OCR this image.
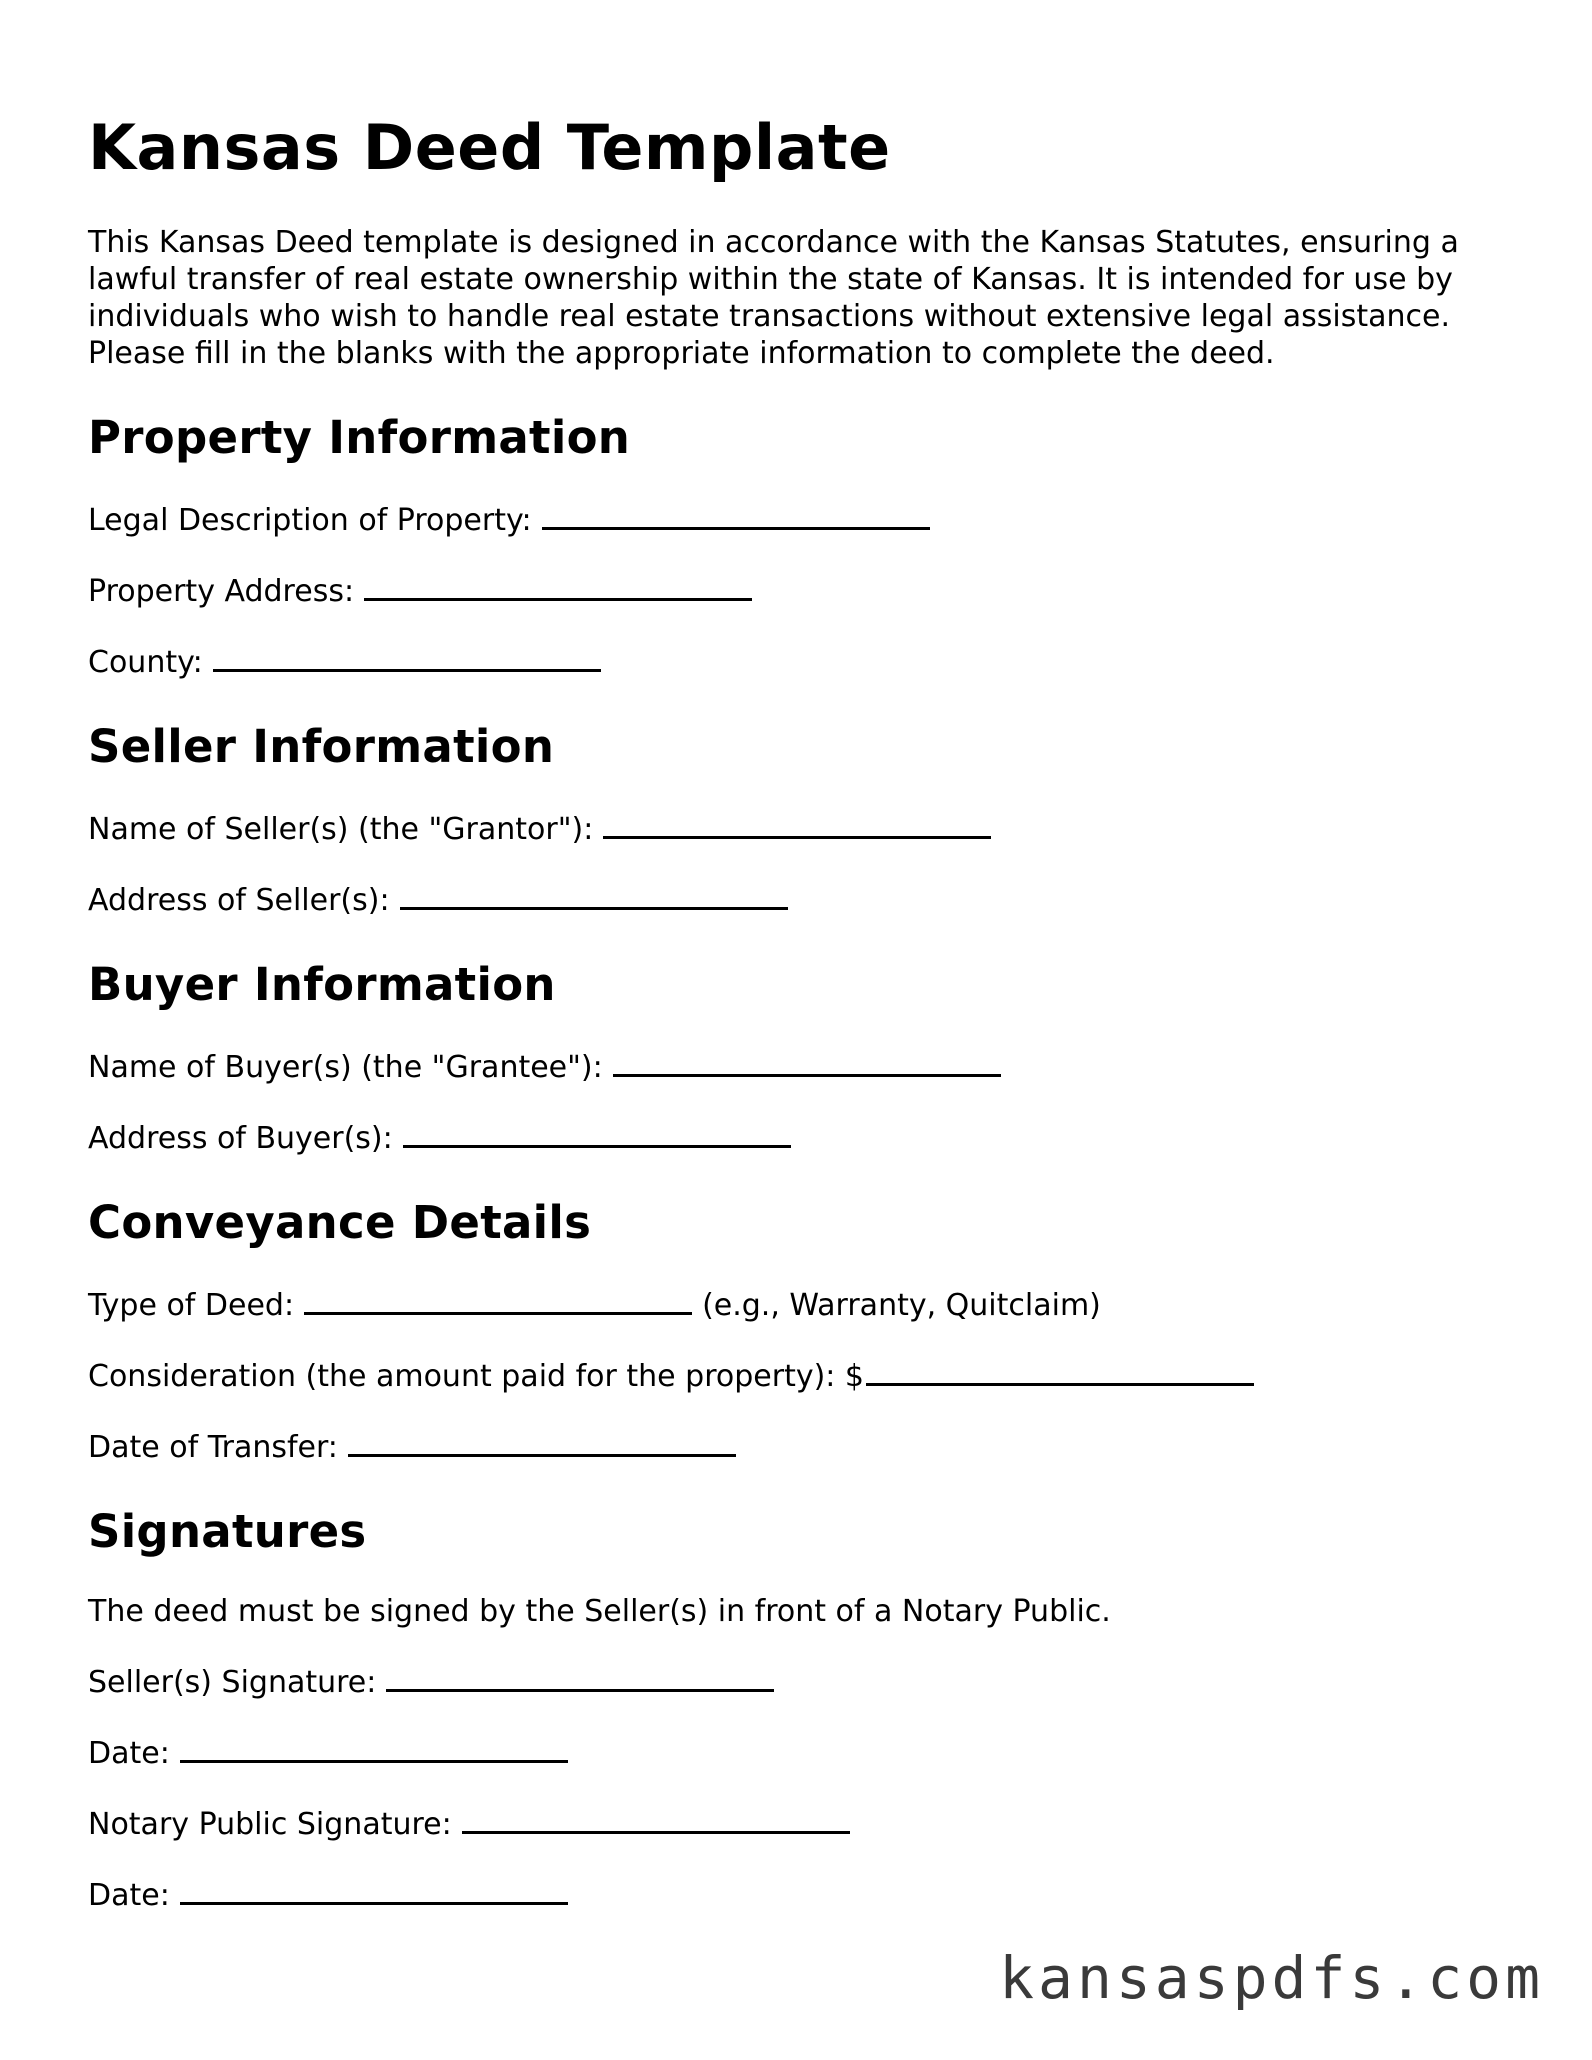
Kansas Deed Template

This Kansas Deed template is designed in accordance with the Kansas Statutes, ensuring a lawful transfer of real estate ownership within the state of Kansas. It is intended for use by individuals who wish to handle real estate transactions without extensive legal assistance. Please fill in the blanks with the appropriate information to complete the deed.

Property Information
Legal Description of Property:
Property Address:
County:
Seller Information
Name of Seller(s) (the "Grantor"):
Address of Seller(s):
Buyer Information
Name of Buyer(s) (the "Grantee"):
Address of Buyer(s):
Conveyance Details
Type of Deed:	(e.g., Warranty, Quitclaim)
Consideration (the amount paid for the property): $
Date of Transfer:
Signatures
The deed must be signed by the Seller(s) in front of a Notary Public.
Seller(s) Signature:
Date:
Notary Public Signature:
Date:
kansaspdfs.com
